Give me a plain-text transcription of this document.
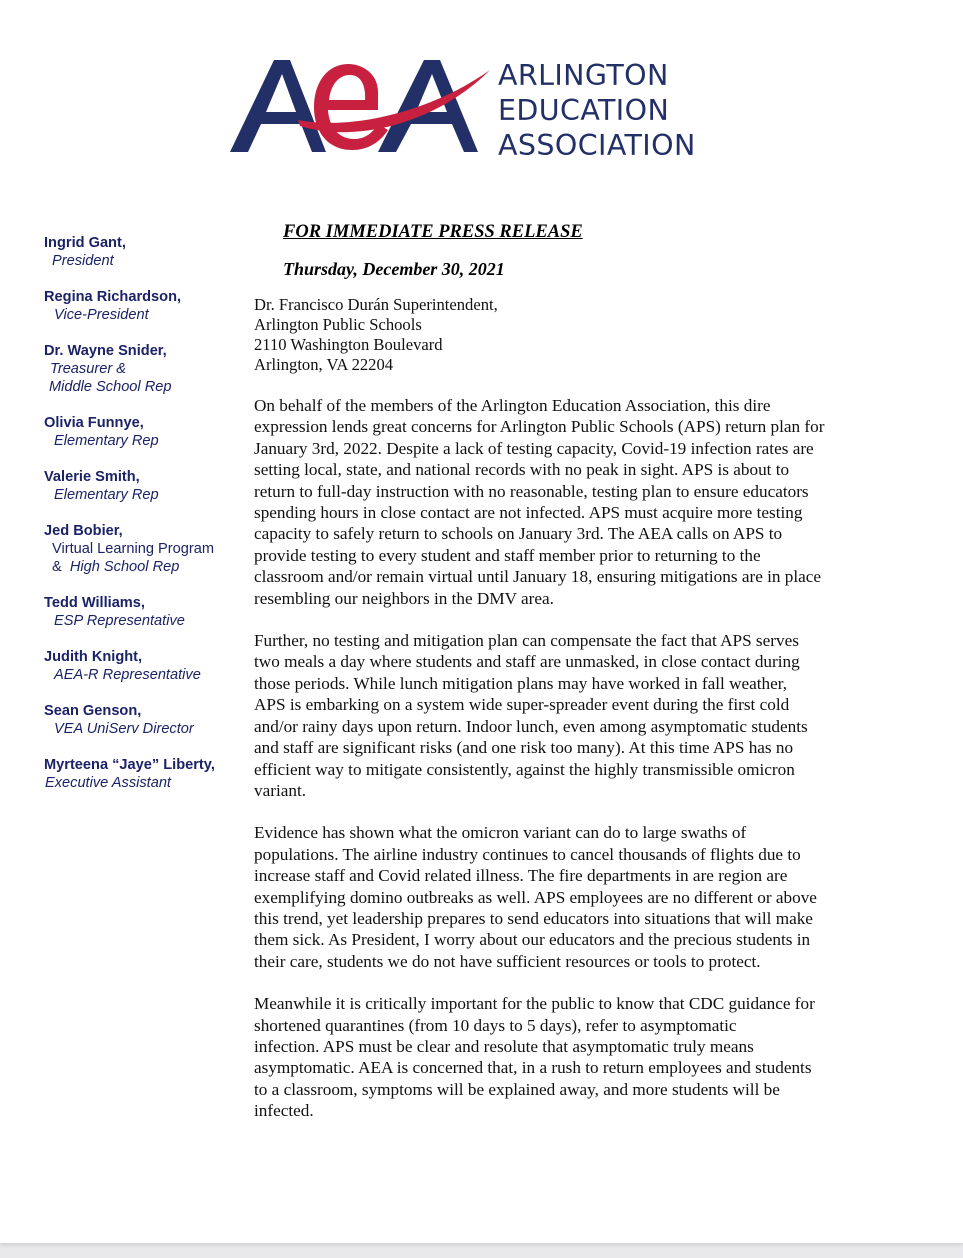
ARLINGTON
EDUCATION
ASSOCIATION
Ingrid Gant,
President
Regina Richardson,
Vice-President
Dr. Wayne Snider,
Treasurer &
Middle School Rep
Olivia Funnye,
Elementary Rep
Valerie Smith,
Elementary Rep
Jed Bobier,
Virtual Learning Program
& High School Rep
Tedd Williams,
ESP Representative
Judith Knight,
AEA-R Representative
Sean Genson,
VEA UniServ Director
Myrteena “Jaye” Liberty,
Executive Assistant
FOR IMMEDIATE PRESS RELEASE
Thursday, December 30, 2021
Dr. Francisco Durán Superintendent,
Arlington Public Schools
2110 Washington Boulevard
Arlington, VA 22204

On behalf of the members of the Arlington Education Association, this dire
expression lends great concerns for Arlington Public Schools (APS) return plan for
January 3rd, 2022. Despite a lack of testing capacity, Covid-19 infection rates are
setting local, state, and national records with no peak in sight. APS is about to
return to full-day instruction with no reasonable, testing plan to ensure educators
spending hours in close contact are not infected. APS must acquire more testing
capacity to safely return to schools on January 3rd. The AEA calls on APS to
provide testing to every student and staff member prior to returning to the
classroom and/or remain virtual until January 18, ensuring mitigations are in place
resembling our neighbors in the DMV area.

Further, no testing and mitigation plan can compensate the fact that APS serves
two meals a day where students and staff are unmasked, in close contact during
those periods. While lunch mitigation plans may have worked in fall weather,
APS is embarking on a system wide super-spreader event during the first cold
and/or rainy days upon return. Indoor lunch, even among asymptomatic students
and staff are significant risks (and one risk too many). At this time APS has no
efficient way to mitigate consistently, against the highly transmissible omicron
variant.

Evidence has shown what the omicron variant can do to large swaths of
populations. The airline industry continues to cancel thousands of flights due to
increase staff and Covid related illness. The fire departments in are region are
exemplifying domino outbreaks as well. APS employees are no different or above
this trend, yet leadership prepares to send educators into situations that will make
them sick. As President, I worry about our educators and the precious students in
their care, students we do not have sufficient resources or tools to protect.

Meanwhile it is critically important for the public to know that CDC guidance for
shortened quarantines (from 10 days to 5 days), refer to asymptomatic
infection. APS must be clear and resolute that asymptomatic truly means
asymptomatic. AEA is concerned that, in a rush to return employees and students
to a classroom, symptoms will be explained away, and more students will be
infected.
